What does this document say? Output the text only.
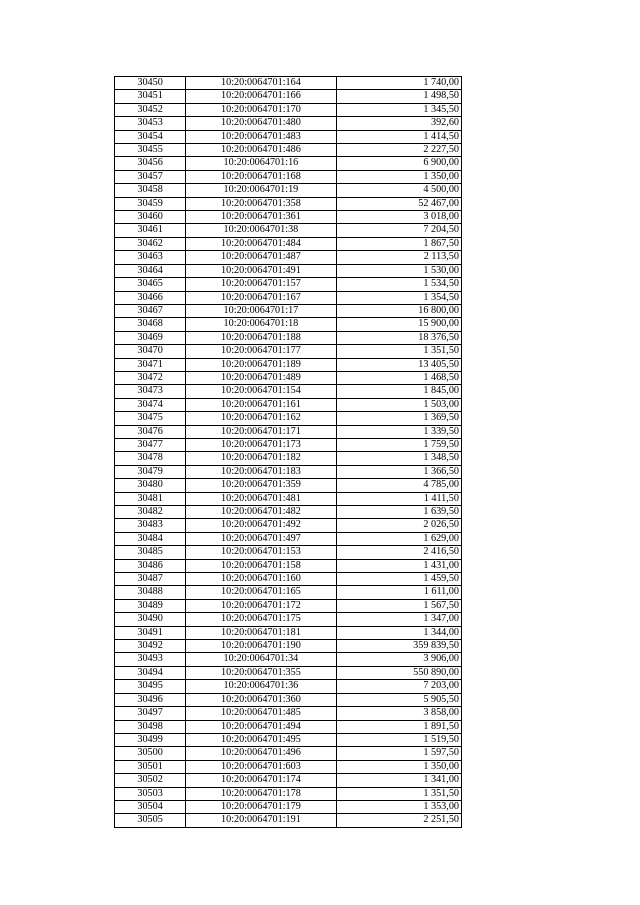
30450	10:20:0064701:164	1 740,00
30451	10:20:0064701:166	1 498,50
30452	10:20:0064701:170	1 345,50
30453	10:20:0064701:480	392,60
30454	10:20:0064701:483	1 414,50
30455	10:20:0064701:486	2 227,50
30456	10:20:0064701:16	6 900,00
30457	10:20:0064701:168	1 350,00
30458	10:20:0064701:19	4 500,00
30459	10:20:0064701:358	52 467,00
30460	10:20:0064701:361	3 018,00
30461	10:20:0064701:38	7 204,50
30462	10:20:0064701:484	1 867,50
30463	10:20:0064701:487	2 113,50
30464	10:20:0064701:491	1 530,00
30465	10:20:0064701:157	1 534,50
30466	10:20:0064701:167	1 354,50
30467	10:20:0064701:17	16 800,00
30468	10:20:0064701:18	15 900,00
30469	10:20:0064701:188	18 376,50
30470	10:20:0064701:177	1 351,50
30471	10:20:0064701:189	13 405,50
30472	10:20:0064701:489	1 468,50
30473	10:20:0064701:154	1 845,00
30474	10:20:0064701:161	1 503,00
30475	10:20:0064701:162	1 369,50
30476	10:20:0064701:171	1 339,50
30477	10:20:0064701:173	1 759,50
30478	10:20:0064701:182	1 348,50
30479	10:20:0064701:183	1 366,50
30480	10:20:0064701:359	4 785,00
30481	10:20:0064701:481	1 411,50
30482	10:20:0064701:482	1 639,50
30483	10:20:0064701:492	2 026,50
30484	10:20:0064701:497	1 629,00
30485	10:20:0064701:153	2 416,50
30486	10:20:0064701:158	1 431,00
30487	10:20:0064701:160	1 459,50
30488	10:20:0064701:165	1 611,00
30489	10:20:0064701:172	1 567,50
30490	10:20:0064701:175	1 347,00
30491	10:20:0064701:181	1 344,00
30492	10:20:0064701:190	359 839,50
30493	10:20:0064701:34	3 906,00
30494	10:20:0064701:355	550 890,00
30495	10:20:0064701:36	7 203,00
30496	10:20:0064701:360	5 905,50
30497	10:20:0064701:485	3 858,00
30498	10:20:0064701:494	1 891,50
30499	10:20:0064701:495	1 519,50
30500	10:20:0064701:496	1 597,50
30501	10:20:0064701:603	1 350,00
30502	10:20:0064701:174	1 341,00
30503	10:20:0064701:178	1 351,50
30504	10:20:0064701:179	1 353,00
30505	10:20:0064701:191	2 251,50
